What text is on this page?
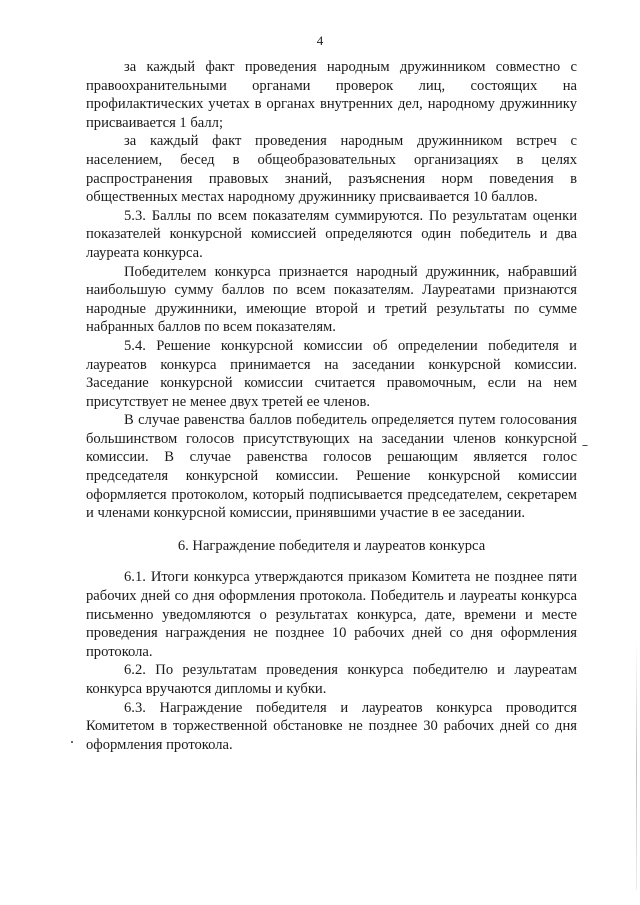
4

за каждый факт проведения народным дружинником совместно с правоохранительными органами проверок лиц, состоящих на профилактических учетах в органах внутренних дел, народному дружиннику присваивается 1 балл;

за каждый факт проведения народным дружинником встреч с населением, бесед в общеобразовательных организациях в целях распространения правовых знаний, разъяснения норм поведения в общественных местах народному дружиннику присваивается 10 баллов.

5.3. Баллы по всем показателям суммируются. По результатам оценки показателей конкурсной комиссией определяются один победитель и два лауреата конкурса.

Победителем конкурса признается народный дружинник, набравший наибольшую сумму баллов по всем показателям. Лауреатами признаются народные дружинники, имеющие второй и третий результаты по сумме набранных баллов по всем показателям.

5.4. Решение конкурсной комиссии об определении победителя и лауреатов конкурса принимается на заседании конкурсной комиссии. Заседание конкурсной комиссии считается правомочным, если на нем присутствует не менее двух третей ее членов.

В случае равенства баллов победитель определяется путем голосования большинством голосов присутствующих на заседании членов конкурсной комиссии. В случае равенства голосов решающим является голос председателя конкурсной комиссии. Решение конкурсной комиссии оформляется протоколом, который подписывается председателем, секретарем и членами конкурсной комиссии, принявшими участие в ее заседании.

6. Награждение победителя и лауреатов конкурса

6.1. Итоги конкурса утверждаются приказом Комитета не позднее пяти рабочих дней со дня оформления протокола. Победитель и лауреаты конкурса письменно уведомляются о результатах конкурса, дате, времени и месте проведения награждения не позднее 10 рабочих дней со дня оформления протокола.

6.2. По результатам проведения конкурса победителю и лауреатам конкурса вручаются дипломы и кубки.

6.3. Награждение победителя и лауреатов конкурса проводится Комитетом в торжественной обстановке не позднее 30 рабочих дней со дня оформления протокола.
